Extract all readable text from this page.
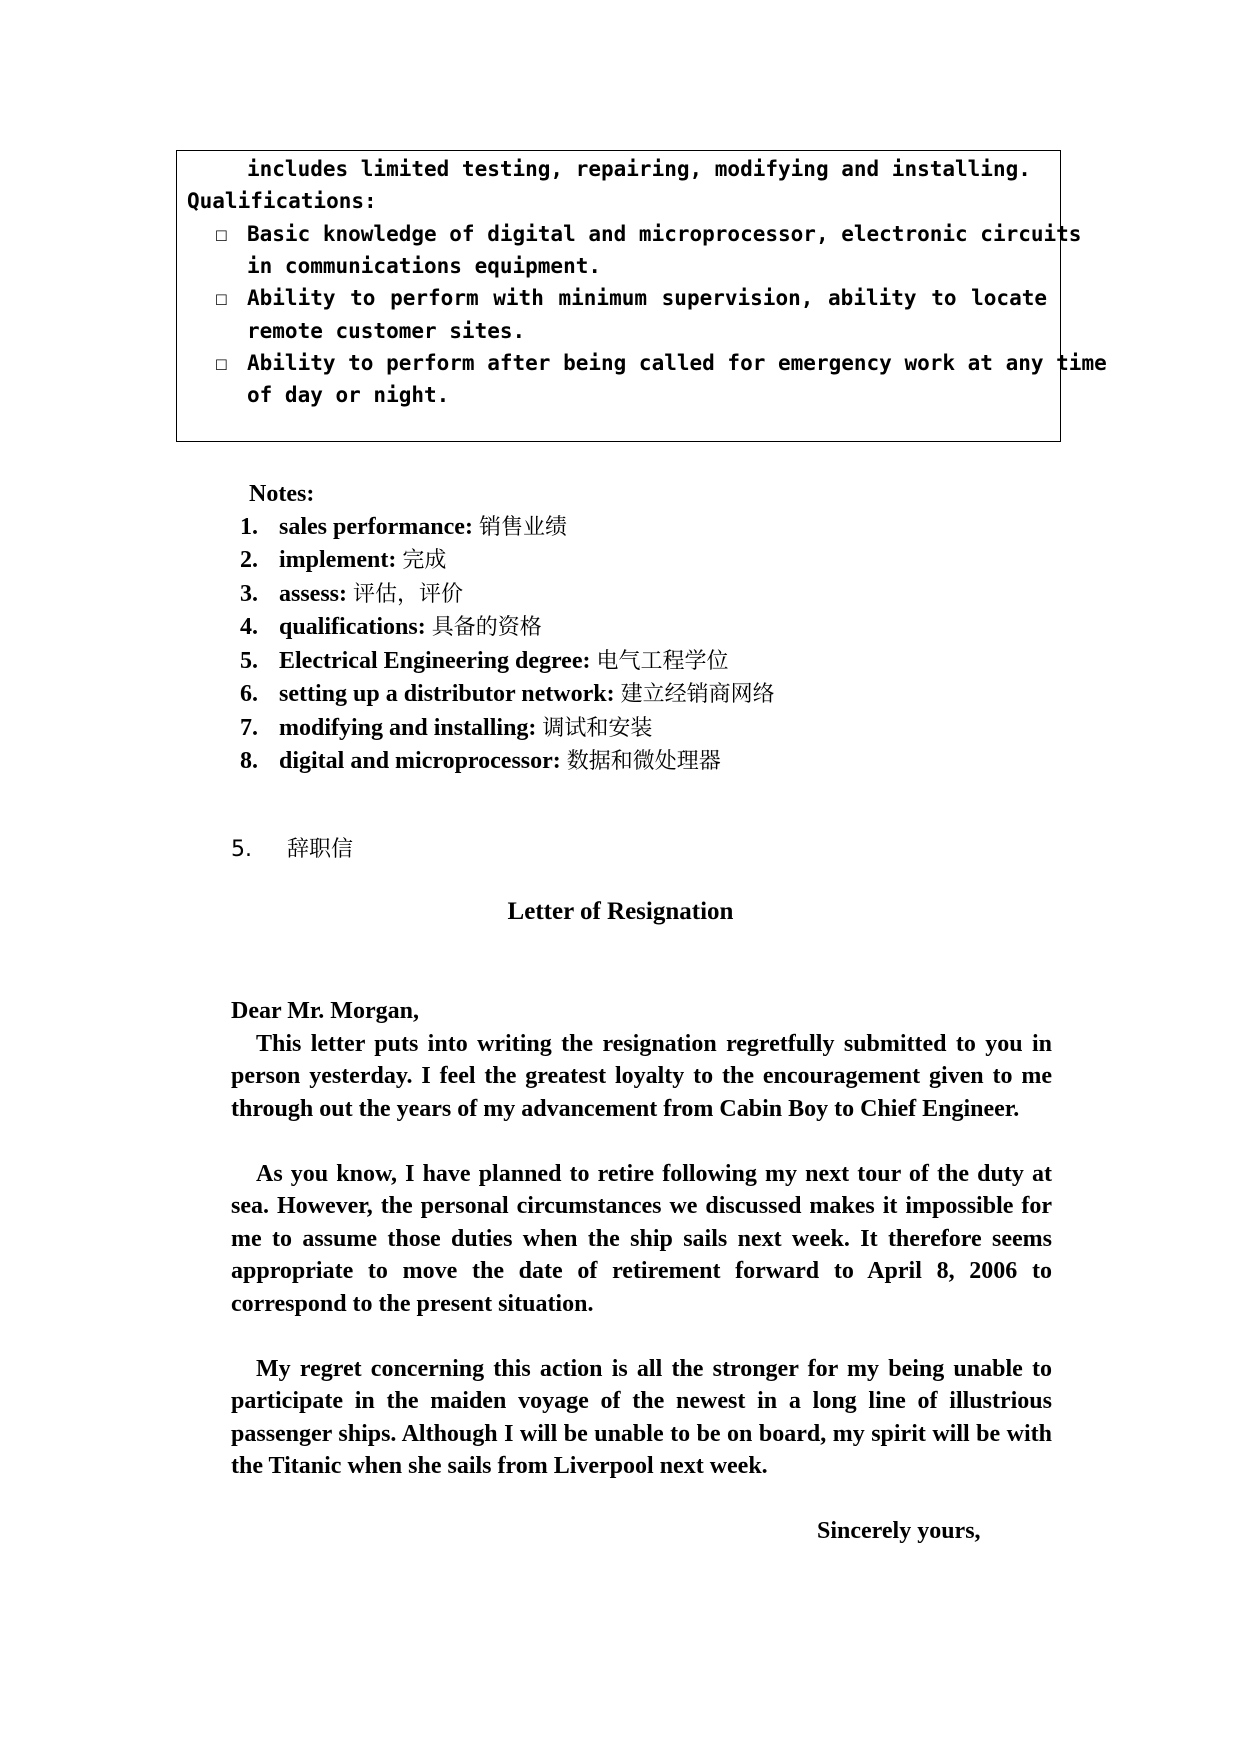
includes limited testing, repairing, modifying and installing.
Qualifications:
☐ Basic knowledge of digital and microprocessor, electronic circuits
in communications equipment.
☐ Ability to perform with minimum supervision, ability to locate
remote customer sites.
☐ Ability to perform after being called for emergency work at any time
of day or night.
Notes:
1. sales performance: 销售业绩
2. implement: 完成
3. assess: 评估，评价
4. qualifications: 具备的资格
5. Electrical Engineering degree: 电气工程学位
6. setting up a distributor network: 建立经销商网络
7. modifying and installing: 调试和安装
8. digital and microprocessor: 数据和微处理器
5. 辞职信
Letter of Resignation

Dear Mr. Morgan,

This letter puts into writing the resignation regretfully submitted to you in person yesterday. I feel the greatest loyalty to the encouragement given to me through out the years of my advancement from Cabin Boy to Chief Engineer.

As you know, I have planned to retire following my next tour of the duty at sea. However, the personal circumstances we discussed makes it impossible for me to assume those duties when the ship sails next week. It therefore seems appropriate to move the date of retirement forward to April 8, 2006 to correspond to the present situation.

My regret concerning this action is all the stronger for my being unable to participate in the maiden voyage of the newest in a long line of illustrious passenger ships. Although I will be unable to be on board, my spirit will be with the Titanic when she sails from Liverpool next week.

Sincerely yours,
